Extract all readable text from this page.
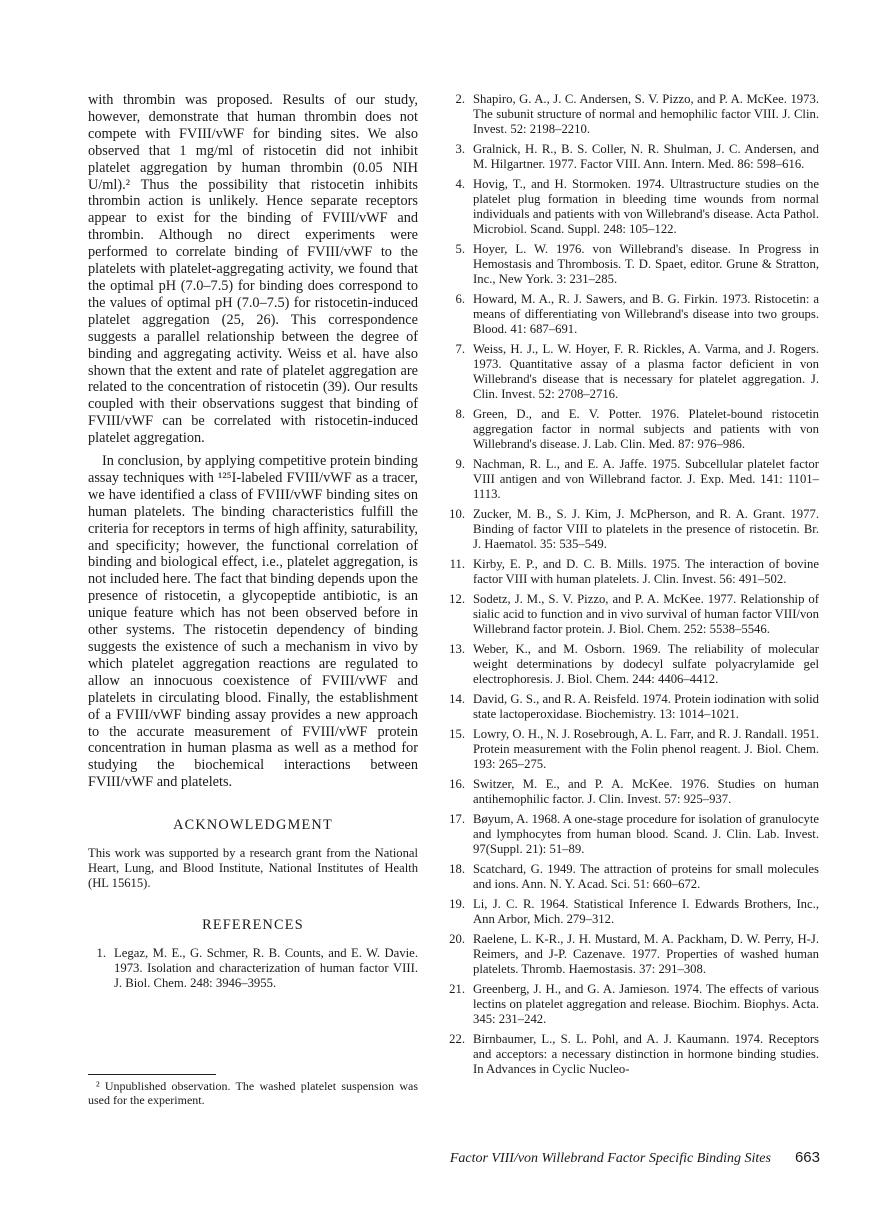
with thrombin was proposed. Results of our study, however, demonstrate that human thrombin does not compete with FVIII/vWF for binding sites. We also observed that 1 mg/ml of ristocetin did not inhibit platelet aggregation by human thrombin (0.05 NIH U/ml).² Thus the possibility that ristocetin inhibits thrombin action is unlikely. Hence separate receptors appear to exist for the binding of FVIII/vWF and thrombin. Although no direct experiments were performed to correlate binding of FVIII/vWF to the platelets with platelet-aggregating activity, we found that the optimal pH (7.0–7.5) for binding does correspond to the values of optimal pH (7.0–7.5) for ristocetin-induced platelet aggregation (25, 26). This correspondence suggests a parallel relationship between the degree of binding and aggregating activity. Weiss et al. have also shown that the extent and rate of platelet aggregation are related to the concentration of ristocetin (39). Our results coupled with their observations suggest that binding of FVIII/vWF can be correlated with ristocetin-induced platelet aggregation.

In conclusion, by applying competitive protein binding assay techniques with ¹²⁵I-labeled FVIII/vWF as a tracer, we have identified a class of FVIII/vWF binding sites on human platelets. The binding characteristics fulfill the criteria for receptors in terms of high affinity, saturability, and specificity; however, the functional correlation of binding and biological effect, i.e., platelet aggregation, is not included here. The fact that binding depends upon the presence of ristocetin, a glycopeptide antibiotic, is an unique feature which has not been observed before in other systems. The ristocetin dependency of binding suggests the existence of such a mechanism in vivo by which platelet aggregation reactions are regulated to allow an innocuous coexistence of FVIII/vWF and platelets in circulating blood. Finally, the establishment of a FVIII/vWF binding assay provides a new approach to the accurate measurement of FVIII/vWF protein concentration in human plasma as well as a method for studying the biochemical interactions between FVIII/vWF and platelets.

ACKNOWLEDGMENT
This work was supported by a research grant from the National Heart, Lung, and Blood Institute, National Institutes of Health (HL 15615).
REFERENCES
1. Legaz, M. E., G. Schmer, R. B. Counts, and E. W. Davie. 1973. Isolation and characterization of human factor VIII. J. Biol. Chem. 248: 3946–3955.
² Unpublished observation. The washed platelet suspension was used for the experiment.
2. Shapiro, G. A., J. C. Andersen, S. V. Pizzo, and P. A. McKee. 1973. The subunit structure of normal and hemophilic factor VIII. J. Clin. Invest. 52: 2198–2210.
3. Gralnick, H. R., B. S. Coller, N. R. Shulman, J. C. Andersen, and M. Hilgartner. 1977. Factor VIII. Ann. Intern. Med. 86: 598–616.
4. Hovig, T., and H. Stormoken. 1974. Ultrastructure studies on the platelet plug formation in bleeding time wounds from normal individuals and patients with von Willebrand's disease. Acta Pathol. Microbiol. Scand. Suppl. 248: 105–122.
5. Hoyer, L. W. 1976. von Willebrand's disease. In Progress in Hemostasis and Thrombosis. T. D. Spaet, editor. Grune & Stratton, Inc., New York. 3: 231–285.
6. Howard, M. A., R. J. Sawers, and B. G. Firkin. 1973. Ristocetin: a means of differentiating von Willebrand's disease into two groups. Blood. 41: 687–691.
7. Weiss, H. J., L. W. Hoyer, F. R. Rickles, A. Varma, and J. Rogers. 1973. Quantitative assay of a plasma factor deficient in von Willebrand's disease that is necessary for platelet aggregation. J. Clin. Invest. 52: 2708–2716.
8. Green, D., and E. V. Potter. 1976. Platelet-bound ristocetin aggregation factor in normal subjects and patients with von Willebrand's disease. J. Lab. Clin. Med. 87: 976–986.
9. Nachman, R. L., and E. A. Jaffe. 1975. Subcellular platelet factor VIII antigen and von Willebrand factor. J. Exp. Med. 141: 1101–1113.
10. Zucker, M. B., S. J. Kim, J. McPherson, and R. A. Grant. 1977. Binding of factor VIII to platelets in the presence of ristocetin. Br. J. Haematol. 35: 535–549.
11. Kirby, E. P., and D. C. B. Mills. 1975. The interaction of bovine factor VIII with human platelets. J. Clin. Invest. 56: 491–502.
12. Sodetz, J. M., S. V. Pizzo, and P. A. McKee. 1977. Relationship of sialic acid to function and in vivo survival of human factor VIII/von Willebrand factor protein. J. Biol. Chem. 252: 5538–5546.
13. Weber, K., and M. Osborn. 1969. The reliability of molecular weight determinations by dodecyl sulfate polyacrylamide gel electrophoresis. J. Biol. Chem. 244: 4406–4412.
14. David, G. S., and R. A. Reisfeld. 1974. Protein iodination with solid state lactoperoxidase. Biochemistry. 13: 1014–1021.
15. Lowry, O. H., N. J. Rosebrough, A. L. Farr, and R. J. Randall. 1951. Protein measurement with the Folin phenol reagent. J. Biol. Chem. 193: 265–275.
16. Switzer, M. E., and P. A. McKee. 1976. Studies on human antihemophilic factor. J. Clin. Invest. 57: 925–937.
17. Bøyum, A. 1968. A one-stage procedure for isolation of granulocyte and lymphocytes from human blood. Scand. J. Clin. Lab. Invest. 97(Suppl. 21): 51–89.
18. Scatchard, G. 1949. The attraction of proteins for small molecules and ions. Ann. N. Y. Acad. Sci. 51: 660–672.
19. Li, J. C. R. 1964. Statistical Inference I. Edwards Brothers, Inc., Ann Arbor, Mich. 279–312.
20. Raelene, L. K-R., J. H. Mustard, M. A. Packham, D. W. Perry, H-J. Reimers, and J-P. Cazenave. 1977. Properties of washed human platelets. Thromb. Haemostasis. 37: 291–308.
21. Greenberg, J. H., and G. A. Jamieson. 1974. The effects of various lectins on platelet aggregation and release. Biochim. Biophys. Acta. 345: 231–242.
22. Birnbaumer, L., S. L. Pohl, and A. J. Kaumann. 1974. Receptors and acceptors: a necessary distinction in hormone binding studies. In Advances in Cyclic Nucleo-
Factor VIII/von Willebrand Factor Specific Binding Sites 663
